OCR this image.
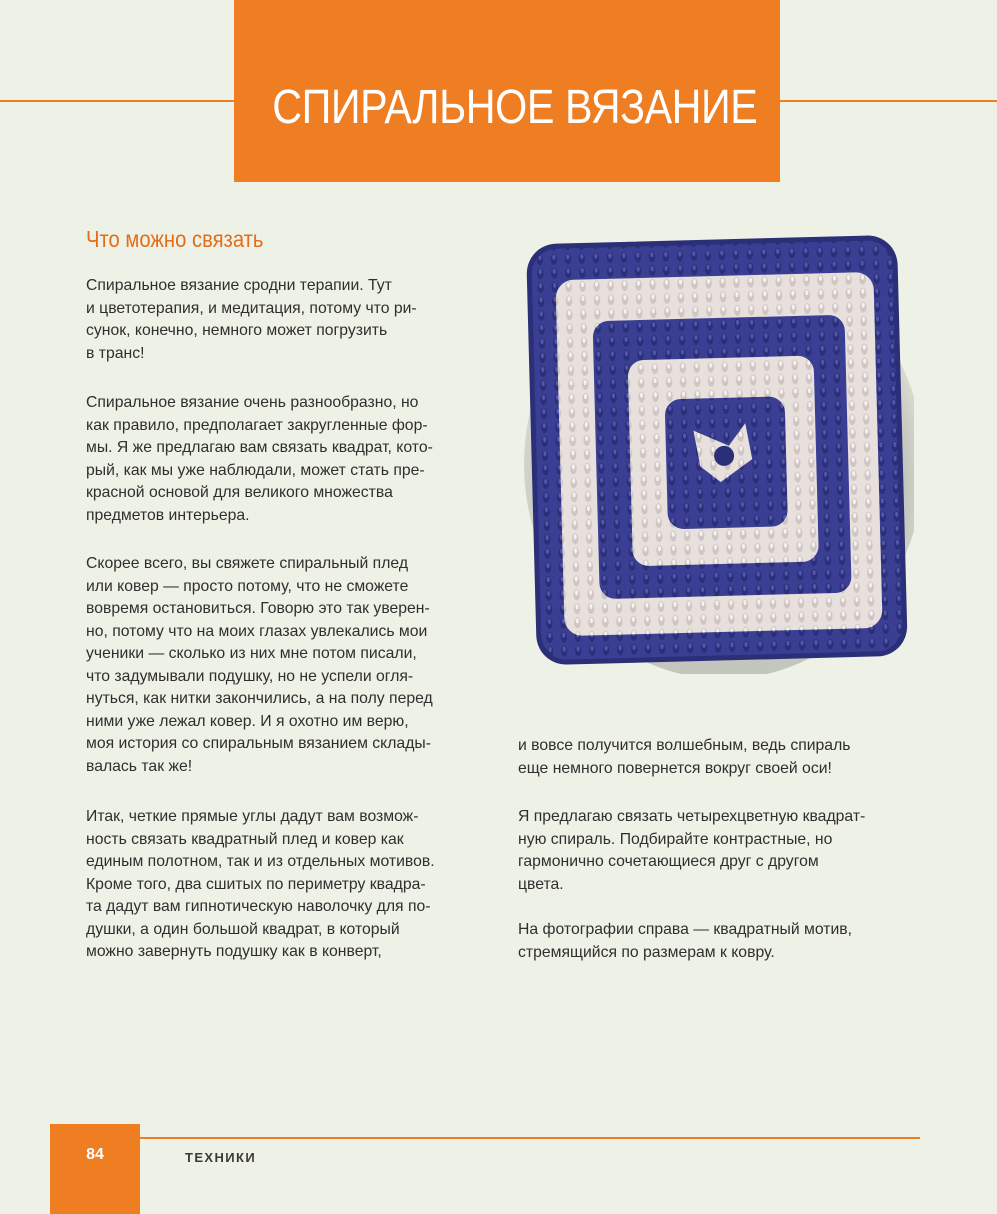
СПИРАЛЬНОЕ ВЯЗАНИЕ
Что можно связать

Спиральное вязание сродни терапии. Тут
и цветотерапия, и медитация, потому что ри-
сунок, конечно, немного может погрузить
в транс!

Спиральное вязание очень разнообразно, но
как правило, предполагает закругленные фор-
мы. Я же предлагаю вам связать квадрат, кото-
рый, как мы уже наблюдали, может стать пре-
красной основой для великого множества
предметов интерьера.

Скорее всего, вы свяжете спиральный плед
или ковер — просто потому, что не сможете
вовремя остановиться. Говорю это так уверен-
но, потому что на моих глазах увлекались мои
ученики — сколько из них мне потом писали,
что задумывали подушку, но не успели огля-
нуться, как нитки закончились, а на полу перед
ними уже лежал ковер. И я охотно им верю,
моя история со спиральным вязанием склады-
валась так же!

Итак, четкие прямые углы дадут вам возмож-
ность связать квадратный плед и ковер как
единым полотном, так и из отдельных мотивов.
Кроме того, два сшитых по периметру квадра-
та дадут вам гипнотическую наволочку для по-
душки, а один большой квадрат, в который
можно завернуть подушку как в конверт,

и вовсе получится волшебным, ведь спираль
еще немного повернется вокруг своей оси!

Я предлагаю связать четырехцветную квадрат-
ную спираль. Подбирайте контрастные, но
гармонично сочетающиеся друг с другом
цвета.

На фотографии справа — квадратный мотив,
стремящийся по размерам к ковру.

84	ТЕХНИКИ
